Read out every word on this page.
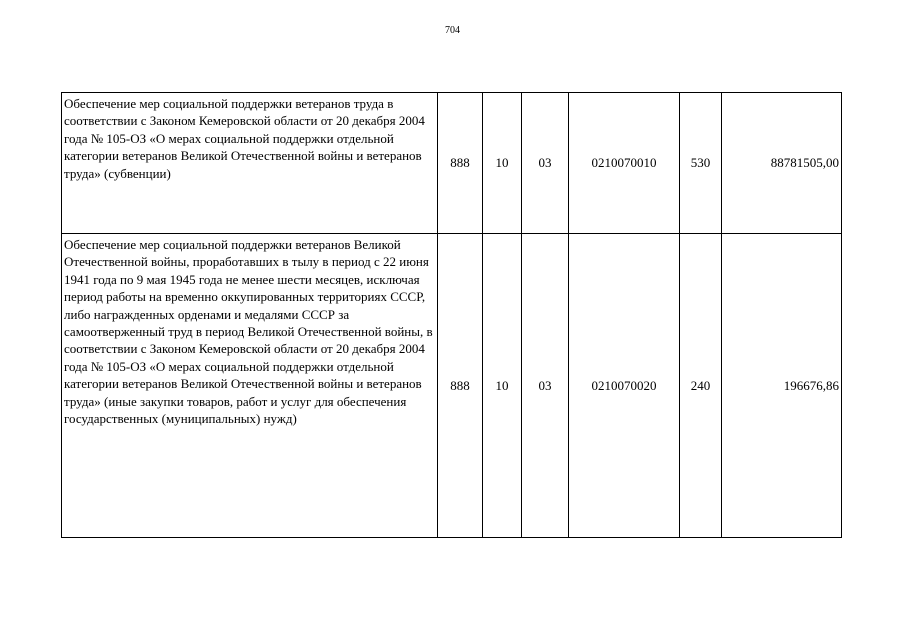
704
Обеспечение мер социальной поддержки ветеранов труда в соответствии с Законом Кемеровской области от 20 декабря 2004 года № 105-ОЗ «О мерах социальной поддержки отдельной категории ветеранов Великой Отечественной войны и ветеранов труда» (субвенции)	888	10	03	0210070010	530	88781505,00
Обеспечение мер социальной поддержки ветеранов Великой Отечественной войны, проработавших в тылу в период с 22 июня 1941 года по 9 мая 1945 года не менее шести месяцев, исключая период работы на временно оккупированных территориях СССР, либо награжденных орденами и медалями СССР за самоотверженный труд в период Великой Отечественной войны, в соответствии с Законом Кемеровской области от 20 декабря 2004 года № 105-ОЗ «О мерах социальной поддержки отдельной категории ветеранов Великой Отечественной войны и ветеранов труда» (иные закупки товаров, работ и услуг для обеспечения государственных (муниципальных) нужд)	888	10	03	0210070020	240	196676,86
